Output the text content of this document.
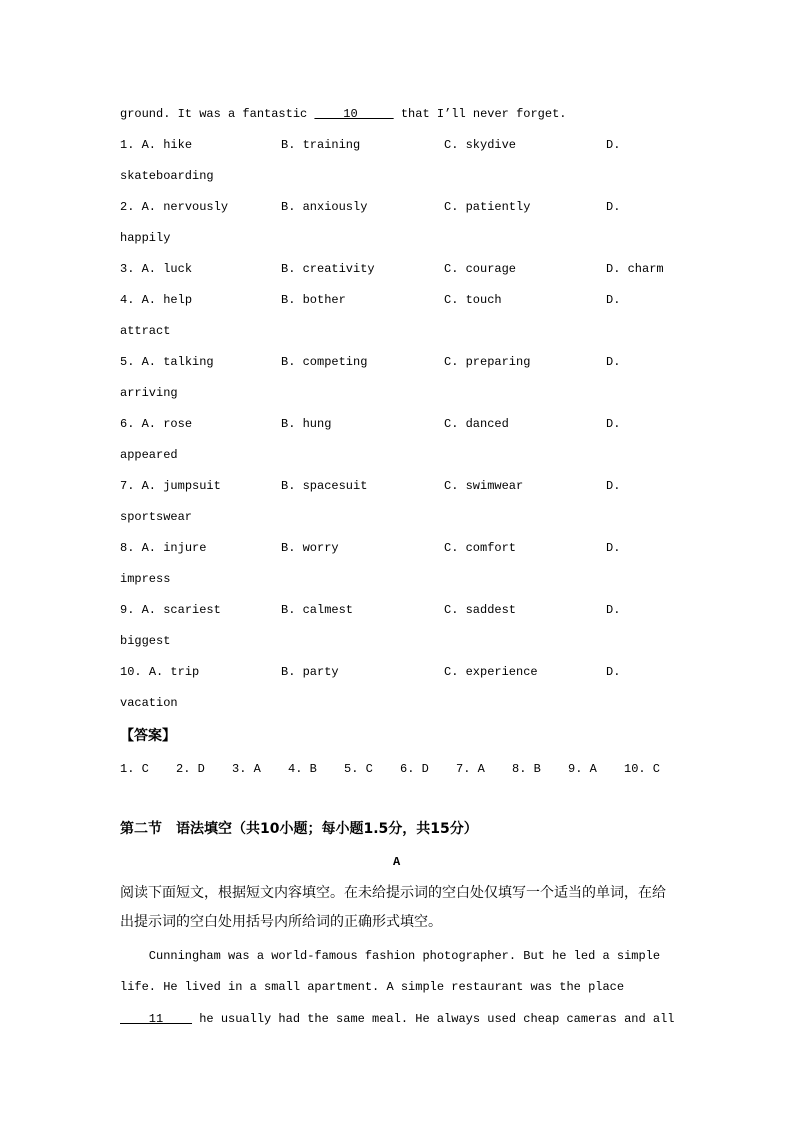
ground. It was a fantastic     10      that I’ll never forget.
1. A. hike	B. training	C. skydive	D. skateboarding
2. A. nervously	B. anxiously	C. patiently	D. happily
3. A. luck	B. creativity	C. courage	D. charm
4. A. help	B. bother	C. touch	D. attract
5. A. talking	B. competing	C. preparing	D. arriving
6. A. rose	B. hung	C. danced	D. appeared
7. A. jumpsuit	B. spacesuit	C. swimwear	D. sportswear
8. A. injure	B. worry	C. comfort	D. impress
9. A. scariest	B. calmest	C. saddest	D. biggest
10. A. trip	B. party	C. experience	D. vacation
【答案】
1. C 2. D 3. A 4. B 5. C 6. D 7. A 8. B 9. A 10. C
第二节　语法填空（共10小题；每小题1.5分，共15分）
A
阅读下面短文，根据短文内容填空。在未给提示词的空白处仅填写一个适当的单词，在给
出提示词的空白处用括号内所给词的正确形式填空。
Cunningham was a world-famous fashion photographer. But he led a simple
life. He lived in a small apartment. A simple restaurant was the place
11     he usually had the same meal. He always used cheap cameras and all
